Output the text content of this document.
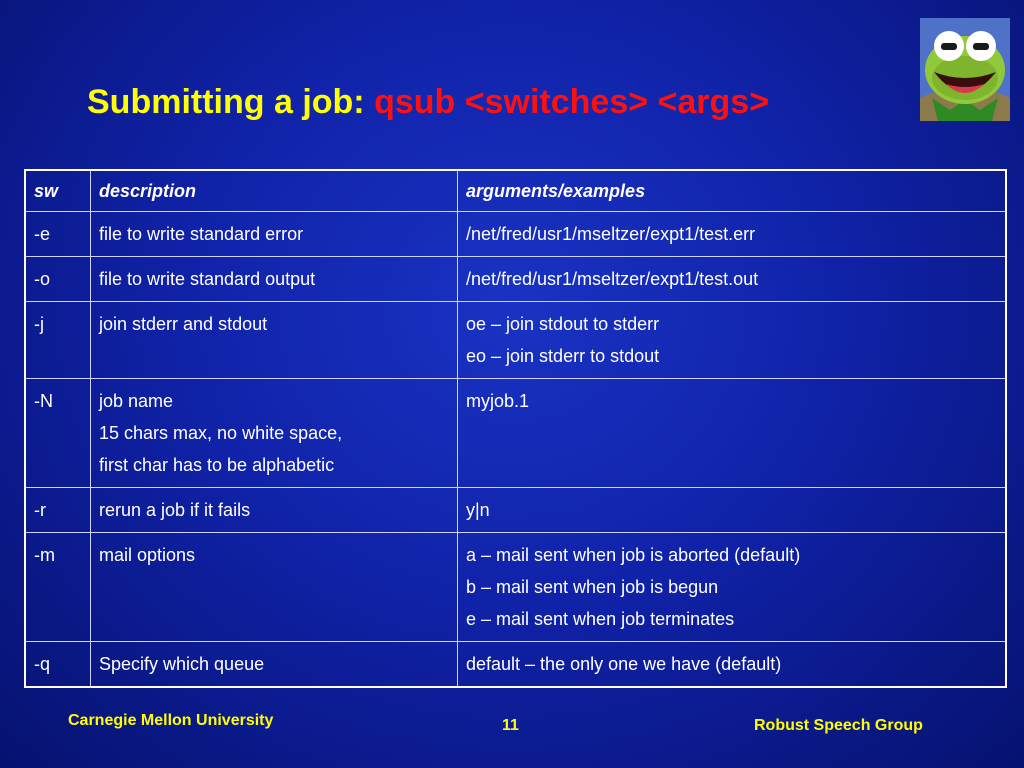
Submitting a job: qsub <switches> <args>
sw	description	arguments/examples
-e	file to write standard error	/net/fred/usr1/mseltzer/expt1/test.err

-o	file to write standard output	/net/fred/usr1/mseltzer/expt1/test.out

-j	join stderr and stdout	oe – join stdout to stderr
eo – join stderr to stdout

-N	job name
15 chars max, no white space,
first char has to be alphabetic	myjob.1

-r	rerun a job if it fails	y|n

-m	mail options	a – mail sent when job is aborted (default)
b – mail sent when job is begun
e – mail sent when job terminates

-q	Specify which queue	default – the only one we have (default)
Carnegie Mellon University	11	Robust Speech Group
